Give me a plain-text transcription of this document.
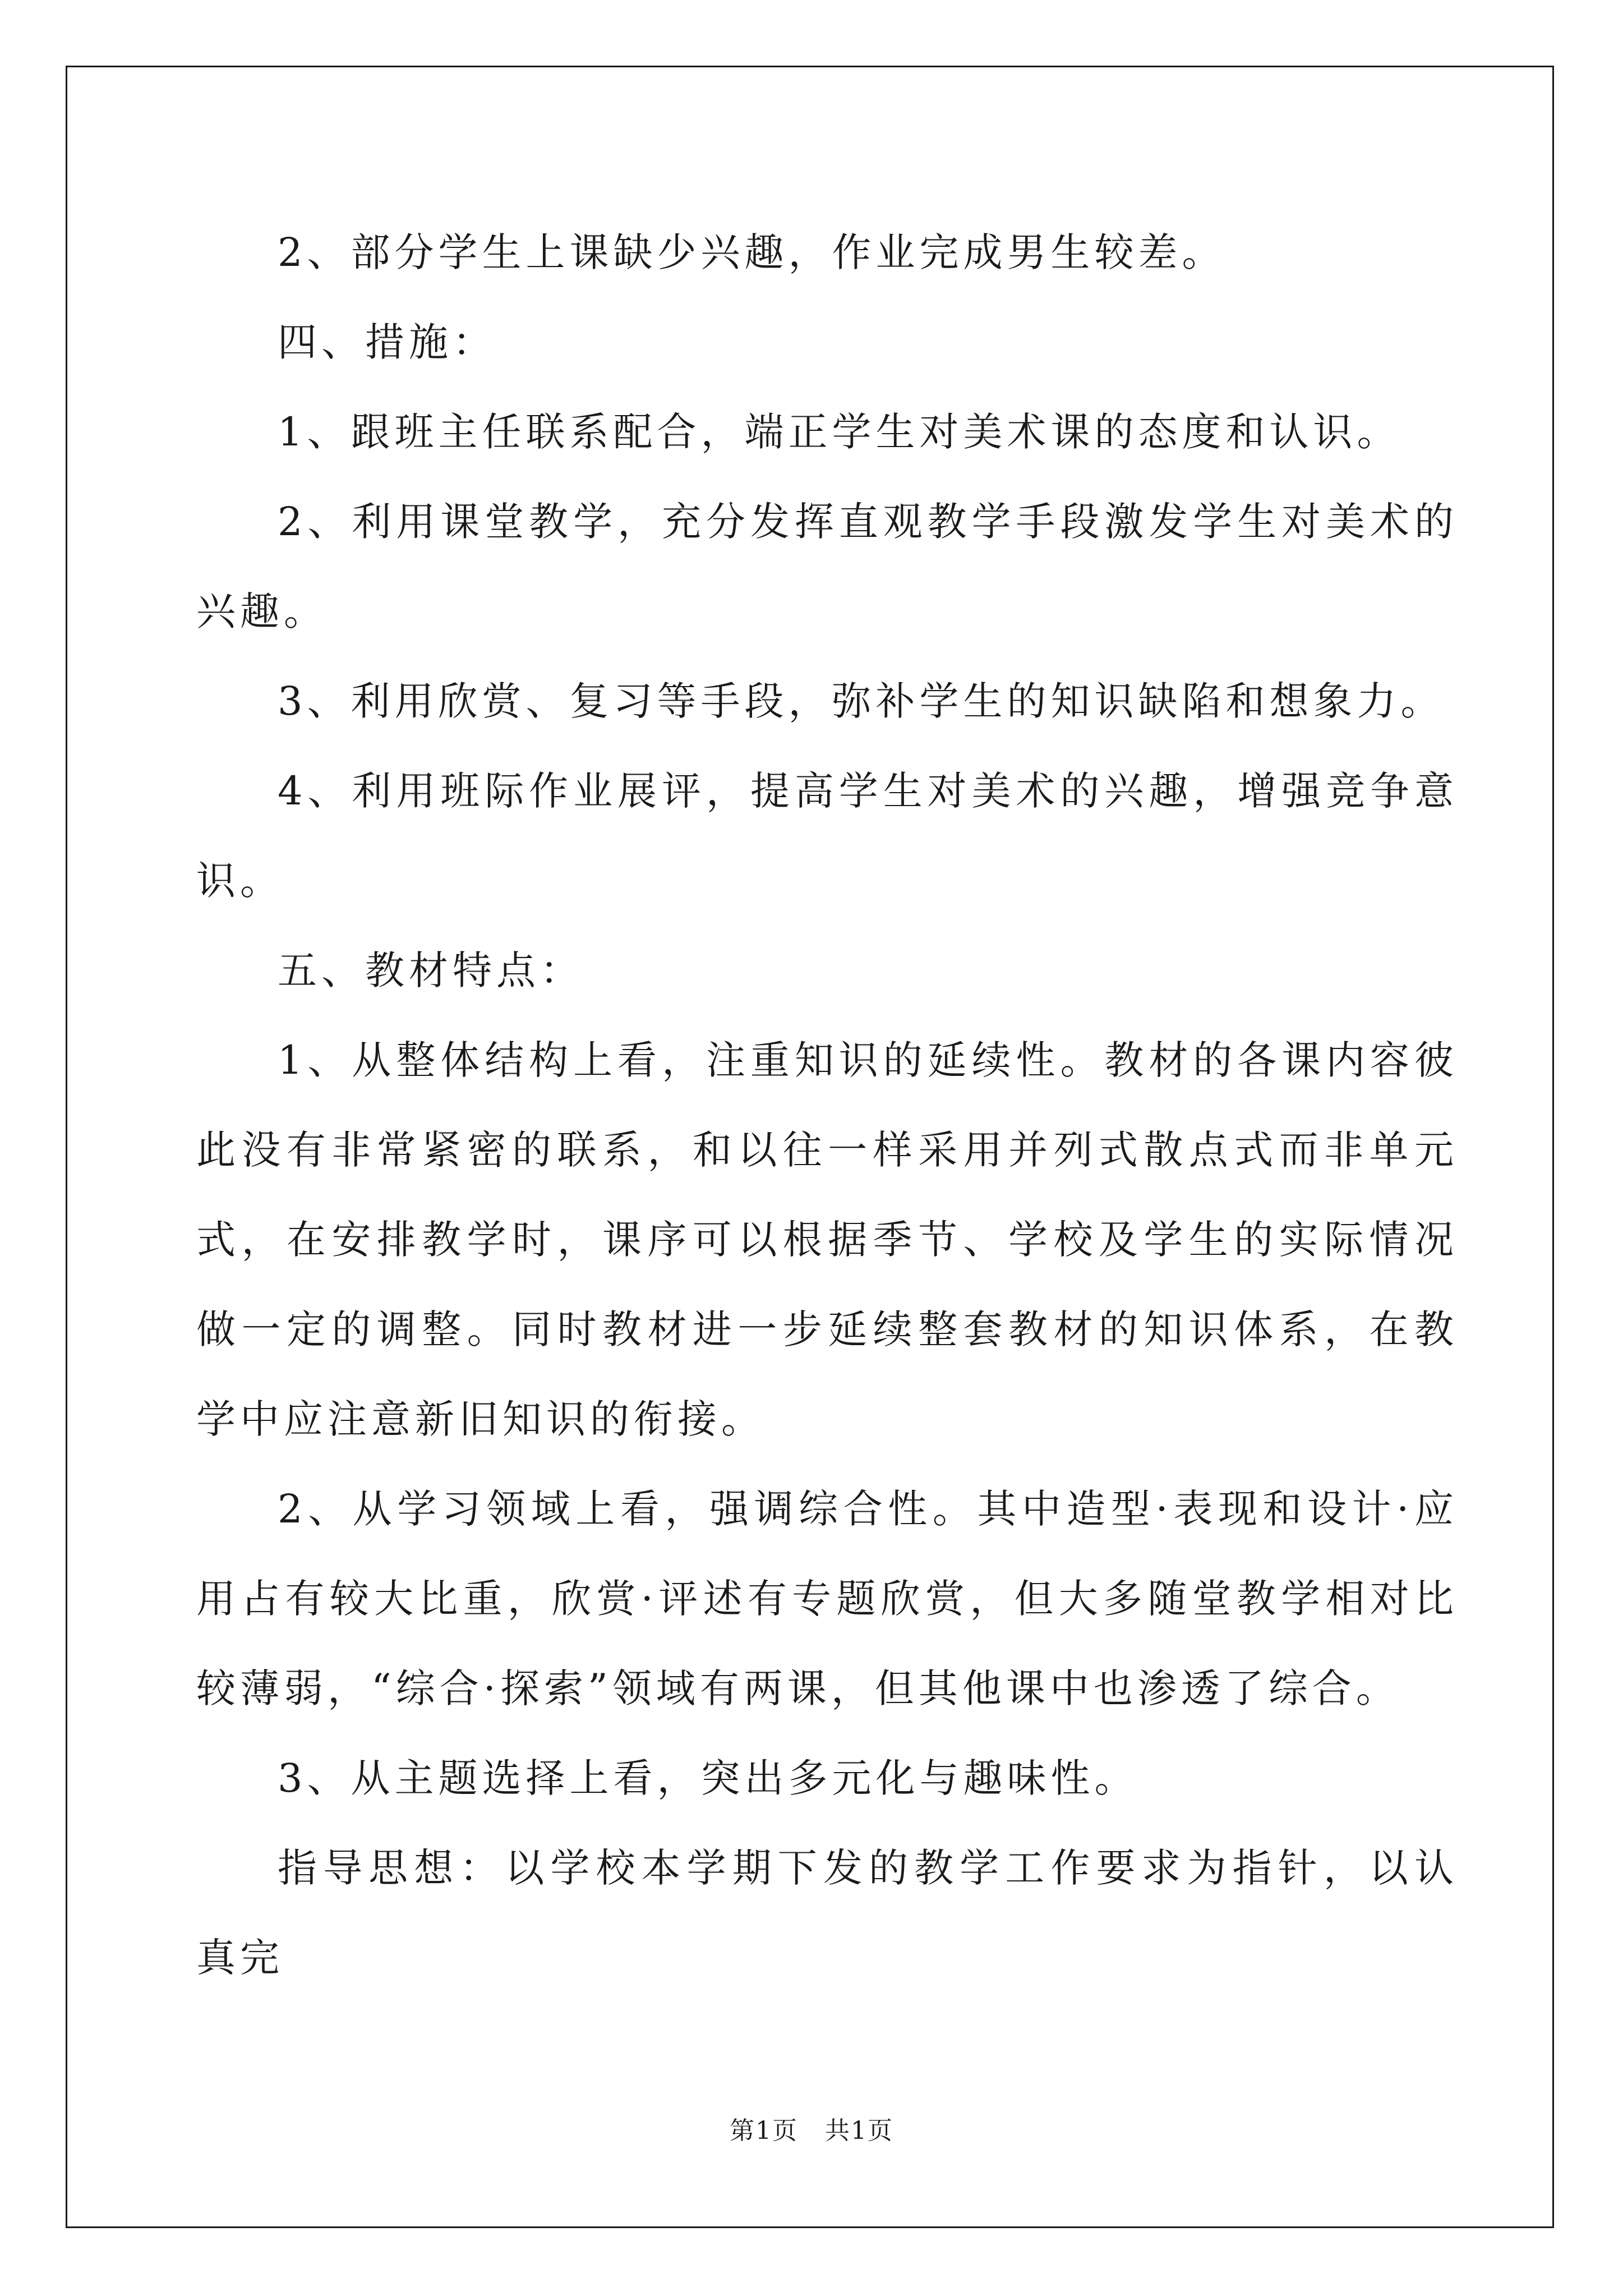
2、部分学生上课缺少兴趣，作业完成男生较差。

四、措施：

1、跟班主任联系配合，端正学生对美术课的态度和认识。

2、利用课堂教学，充分发挥直观教学手段激发学生对美术的兴趣。

3、利用欣赏、复习等手段，弥补学生的知识缺陷和想象力。

4、利用班际作业展评，提高学生对美术的兴趣，增强竞争意识。

五、教材特点：

1、从整体结构上看，注重知识的延续性。教材的各课内容彼此没有非常紧密的联系，和以往一样采用并列式散点式而非单元式，在安排教学时，课序可以根据季节、学校及学生的实际情况做一定的调整。同时教材进一步延续整套教材的知识体系，在教学中应注意新旧知识的衔接。

2、从学习领域上看，强调综合性。其中造型·表现和设计·应用占有较大比重，欣赏·评述有专题欣赏，但大多随堂教学相对比较薄弱，“综合·探索”领域有两课，但其他课中也渗透了综合。

3、从主题选择上看，突出多元化与趣味性。

指导思想：以学校本学期下发的教学工作要求为指针，以认真完

第1页 共1页
